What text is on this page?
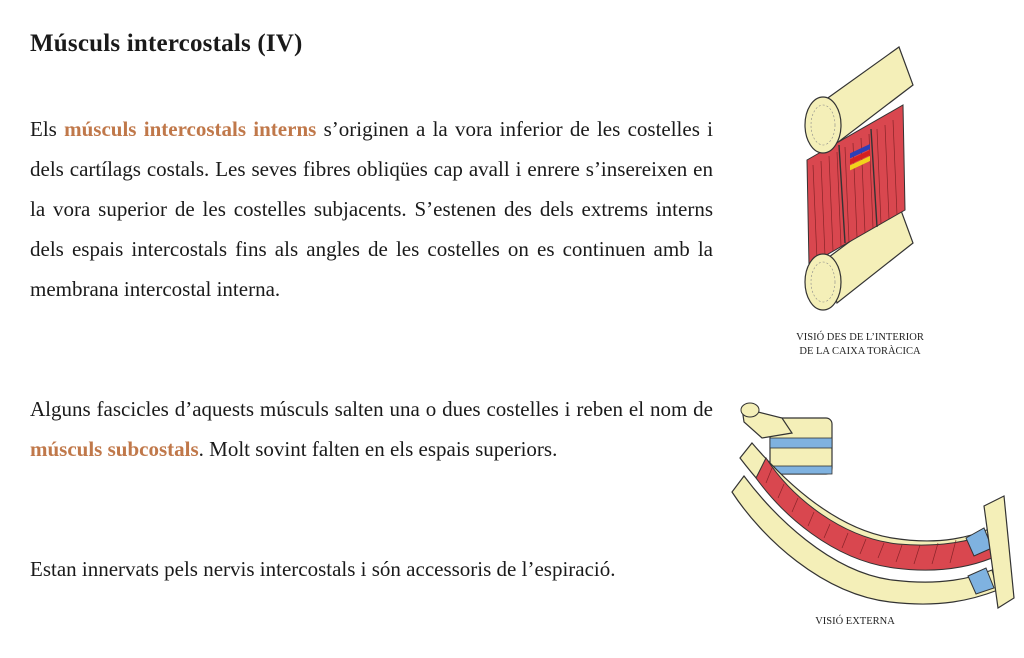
Músculs intercostals (IV)

Els músculs intercostals interns s’originen a la vora inferior de les costelles i dels cartílags costals. Les seves fibres obliqües cap avall i enrere s’insereixen en la vora superior de les costelles subjacents. S’estenen des dels extrems interns dels espais intercostals fins als angles de les costelles on es continuen amb la membrana intercostal interna.

Alguns fascicles d’aquests músculs salten una o dues costelles i reben el nom de músculs subcostals. Molt sovint falten en els espais superiors.

Estan innervats pels nervis intercostals i són accessoris de l’espiració.

VISIÓ DES DE L’INTERIOR
DE LA CAIXA TORÀCICA
VISIÓ EXTERNA
